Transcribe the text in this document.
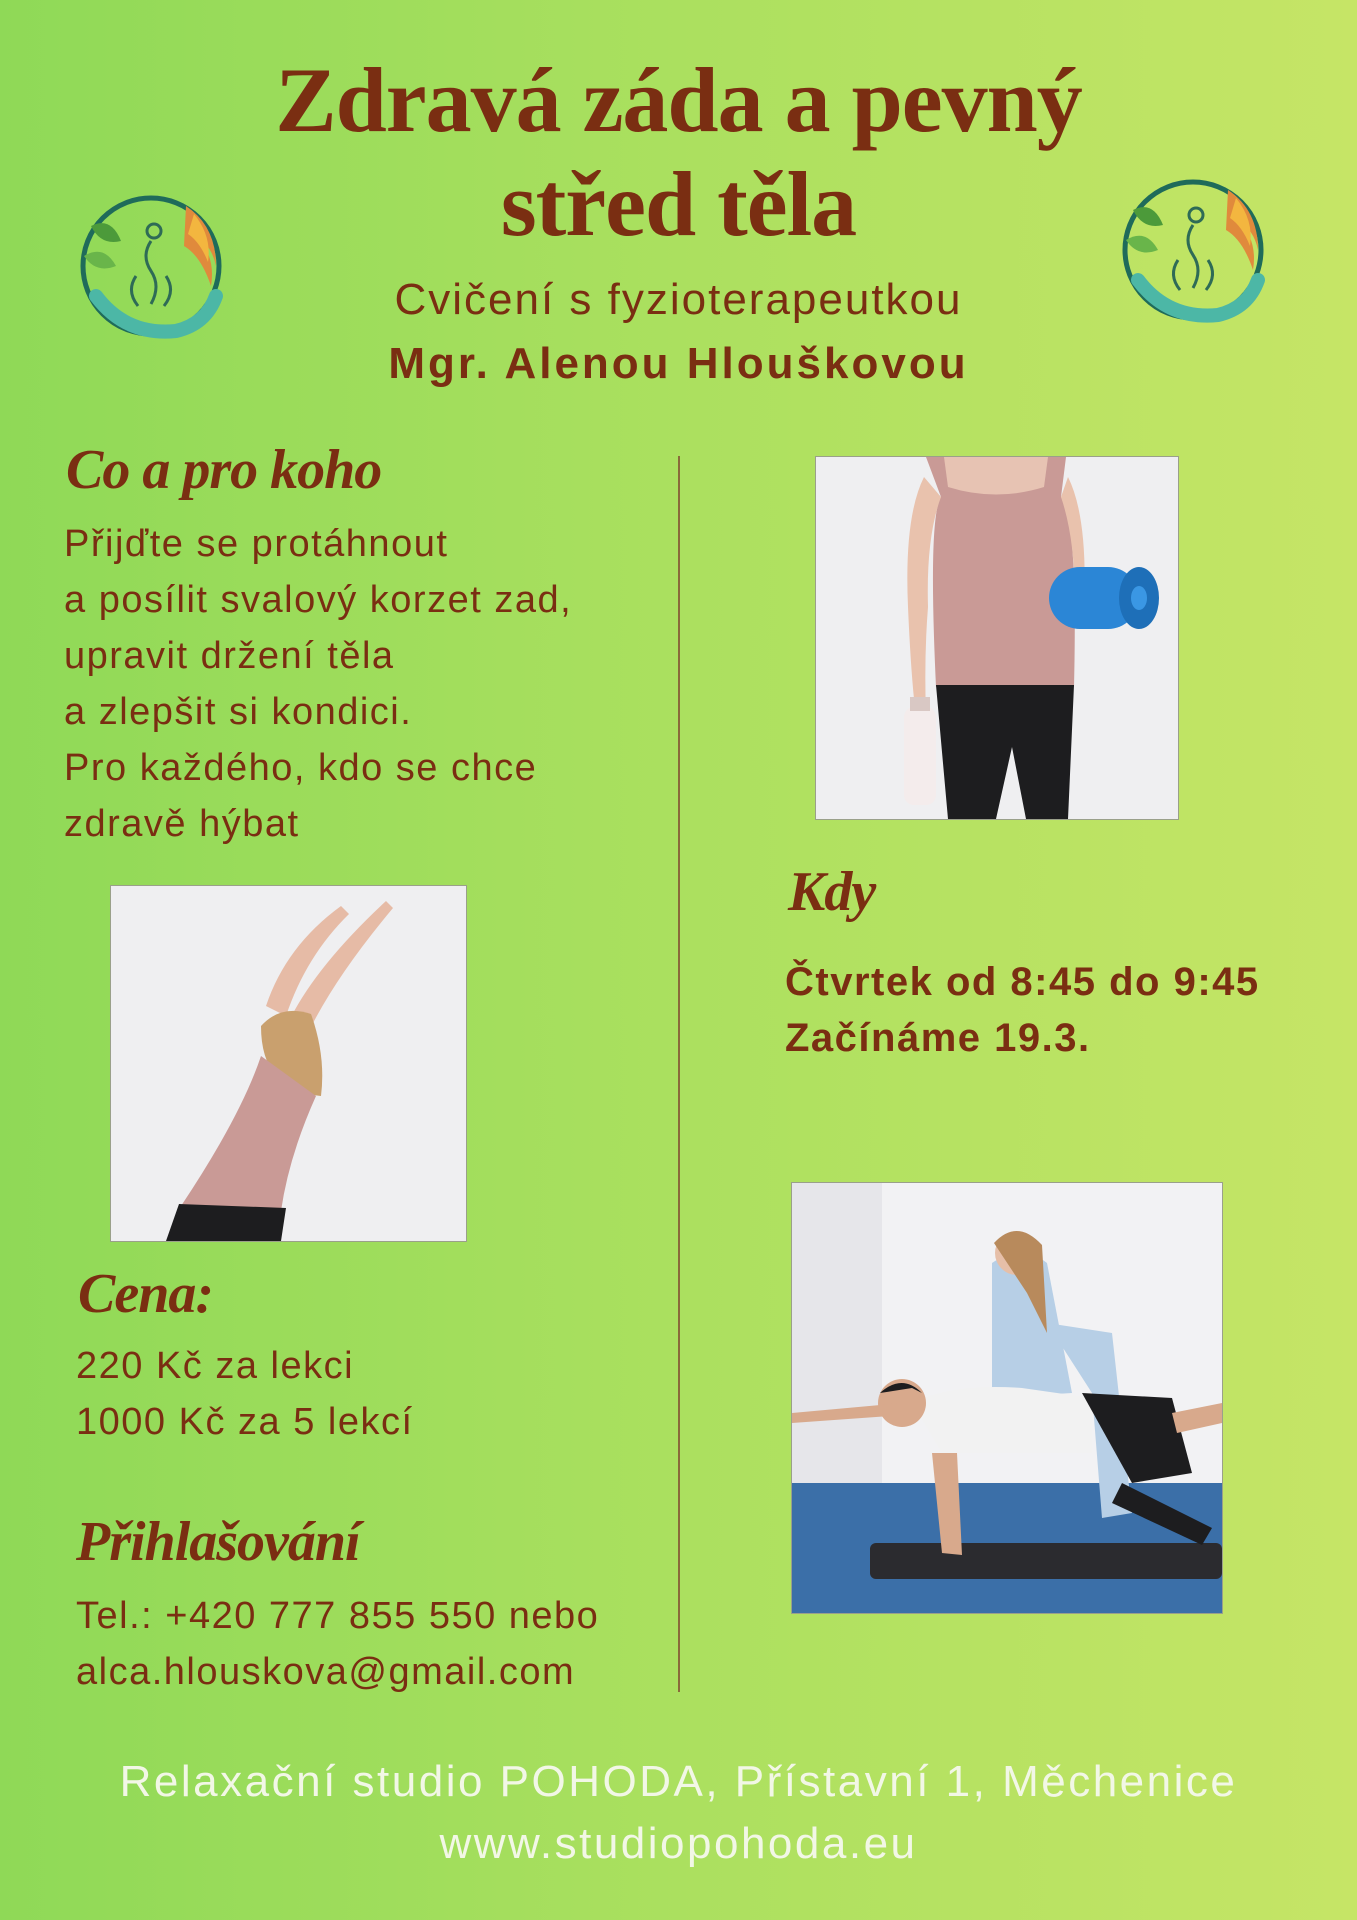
Zdravá záda a pevný
střed těla
Cvičení s fyzioterapeutkou
Mgr. Alenou Hlouškovou
Co a pro koho
Přijďte se protáhnout
a posílit svalový korzet zad,
upravit držení těla
a zlepšit si kondici.
Pro každého, kdo se chce
zdravě hýbat
Kdy
Čtvrtek od 8:45 do 9:45
Začínáme 19.3.
Cena:
220 Kč za lekci
1000 Kč za 5 lekcí
Přihlašování
Tel.: +420 777 855 550 nebo
alca.hlouskova@gmail.com
Relaxační studio POHODA, Přístavní 1, Měchenice
www.studiopohoda.eu
